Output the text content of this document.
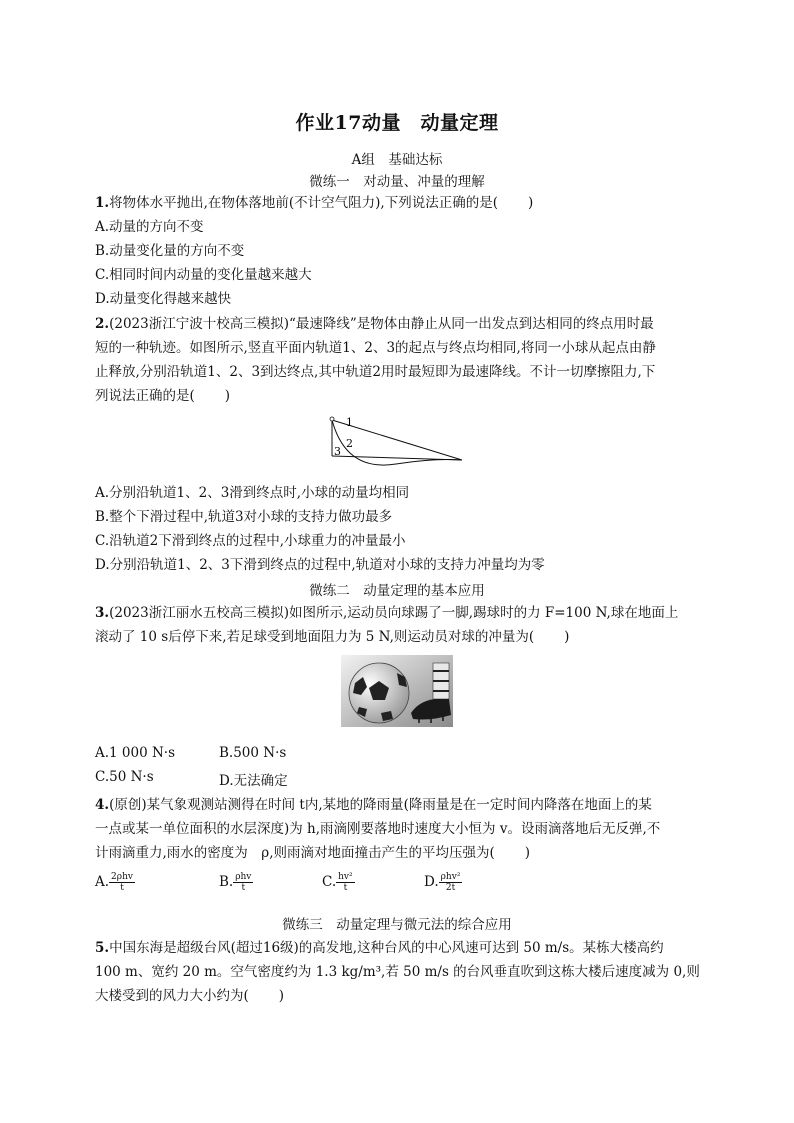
作业17动量　动量定理
A组　基础达标
微练一　对动量、冲量的理解
1.将物体水平抛出,在物体落地前(不计空气阻力),下列说法正确的是( )
A.动量的方向不变
B.动量变化量的方向不变
C.相同时间内动量的变化量越来越大
D.动量变化得越来越快
2.(2023浙江宁波十校高三模拟)“最速降线”是物体由静止从同一出发点到达相同的终点用时最
短的一种轨迹。如图所示,竖直平面内轨道1、2、3的起点与终点均相同,将同一小球从起点由静
止释放,分别沿轨道1、2、3到达终点,其中轨道2用时最短即为最速降线。不计一切摩擦阻力,下
列说法正确的是( )
1
2
3
A.分别沿轨道1、2、3滑到终点时,小球的动量均相同
B.整个下滑过程中,轨道3对小球的支持力做功最多
C.沿轨道2下滑到终点的过程中,小球重力的冲量最小
D.分别沿轨道1、2、3下滑到终点的过程中,轨道对小球的支持力冲量均为零
微练二　动量定理的基本应用
3.(2023浙江丽水五校高三模拟)如图所示,运动员向球踢了一脚,踢球时的力 F=100 N,球在地面上
滚动了 10 s后停下来,若足球受到地面阻力为 5 N,则运动员对球的冲量为( )
A.1 000 N·s	B.500 N·s
C.50 N·s	D.无法确定
4.(原创)某气象观测站测得在时间 t内,某地的降雨量(降雨量是在一定时间内降落在地面上的某
一点或某一单位面积的水层深度)为 h,雨滴刚要落地时速度大小恒为 v。设雨滴落地后无反弹,不
计雨滴重力,雨水的密度为　ρ,则雨滴对地面撞击产生的平均压强为( )
A. $\frac{\text{2ρhv}}{t}$	B. $\frac{\text{ρhv}}{t}$	C. $\frac{\text{hv²}}{t}$	D. $\frac{\text{ρhv²}}{2t}$
微练三　动量定理与微元法的综合应用
5.中国东海是超级台风(超过16级)的高发地,这种台风的中心风速可达到 50 m/s。某栋大楼高约
100 m、宽约 20 m。空气密度约为 1.3 kg/m³,若 50 m/s 的台风垂直吹到这栋大楼后速度减为 0,则
大楼受到的风力大小约为( )
